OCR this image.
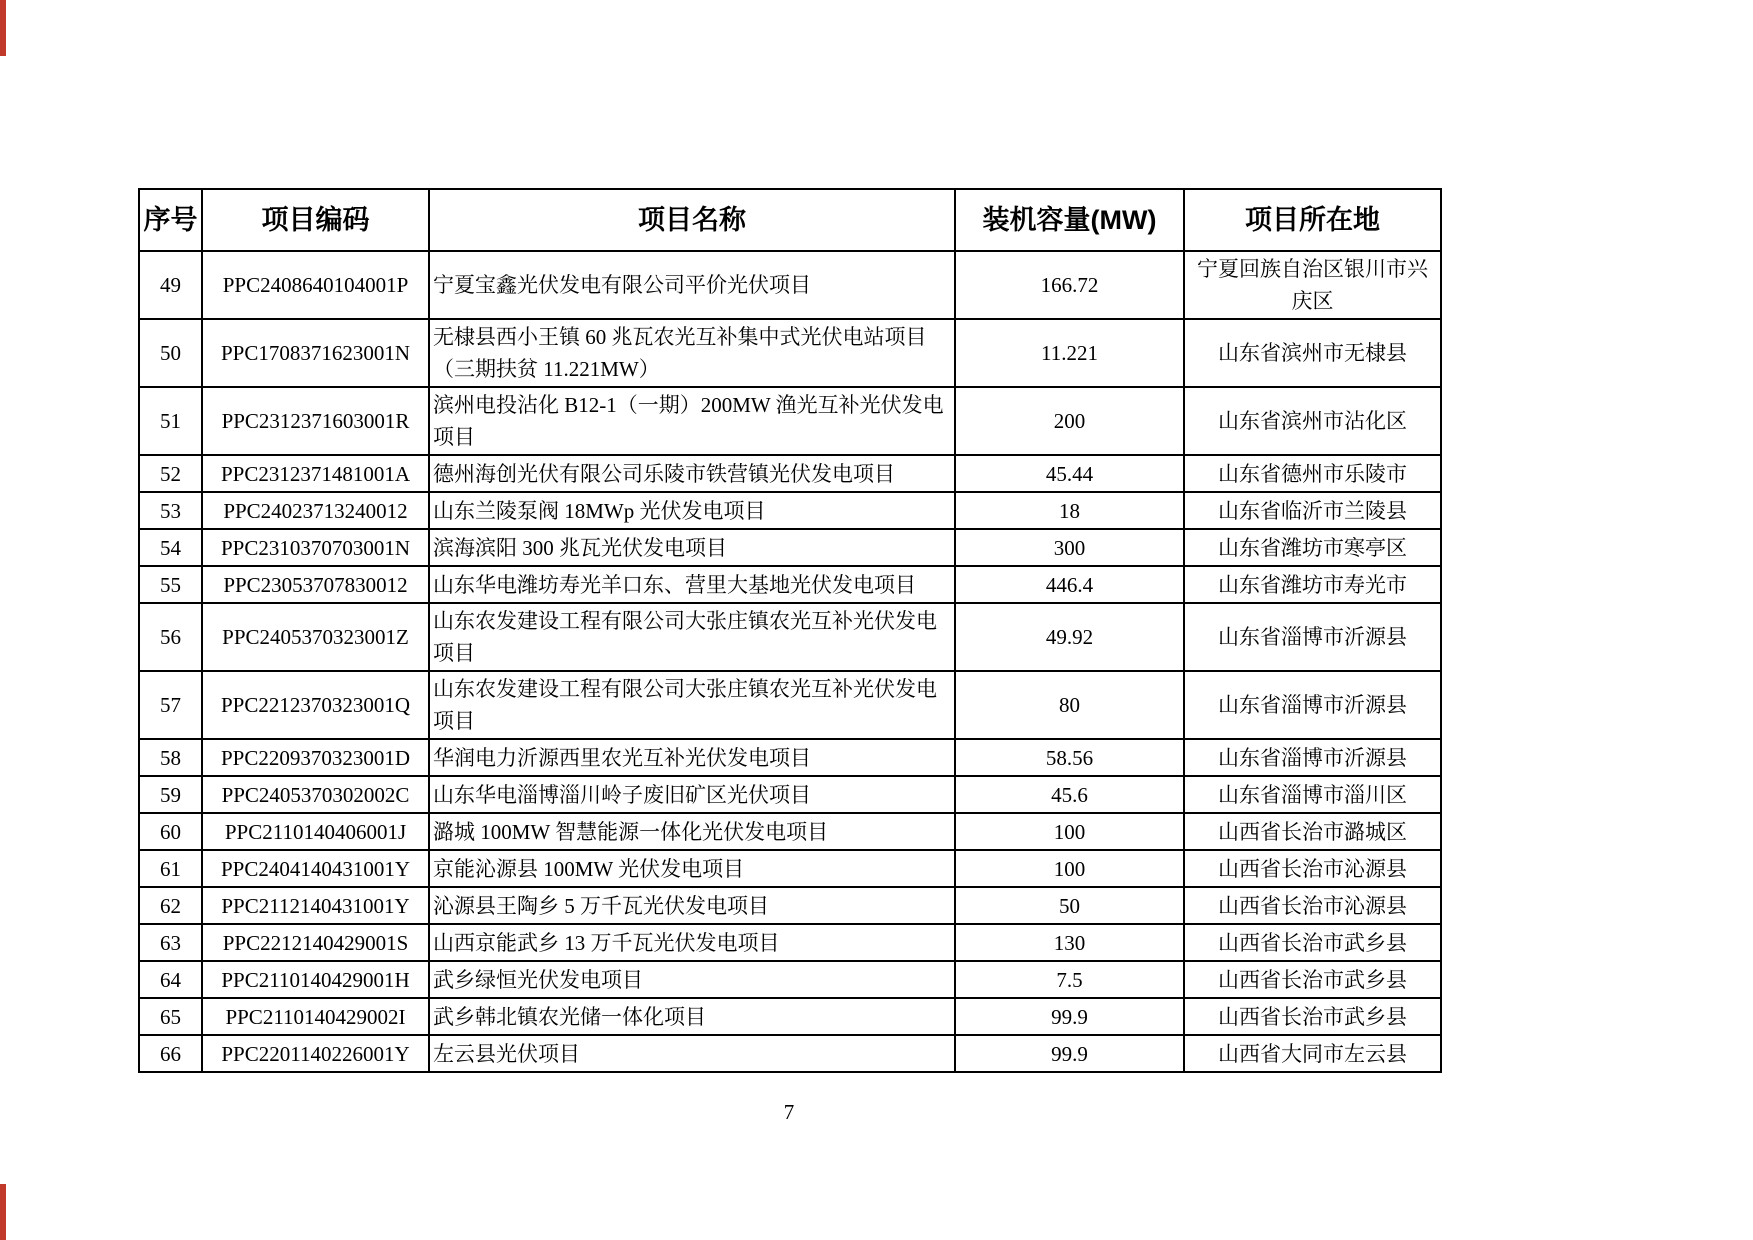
序号	项目编码	项目名称	装机容量(MW)	项目所在地
49	PPC2408640104001P	宁夏宝鑫光伏发电有限公司平价光伏项目	166.72	宁夏回族自治区银川市兴庆区
50	PPC1708371623001N	无棣县西小王镇 60 兆瓦农光互补集中式光伏电站项目（三期扶贫 11.221MW）	11.221	山东省滨州市无棣县
51	PPC2312371603001R	滨州电投沾化 B12-1（一期）200MW 渔光互补光伏发电项目	200	山东省滨州市沾化区
52	PPC2312371481001A	德州海创光伏有限公司乐陵市铁营镇光伏发电项目	45.44	山东省德州市乐陵市
53	PPC24023713240012	山东兰陵泵阀 18MWp 光伏发电项目	18	山东省临沂市兰陵县
54	PPC2310370703001N	滨海滨阳 300 兆瓦光伏发电项目	300	山东省潍坊市寒亭区
55	PPC23053707830012	山东华电潍坊寿光羊口东、营里大基地光伏发电项目	446.4	山东省潍坊市寿光市
56	PPC2405370323001Z	山东农发建设工程有限公司大张庄镇农光互补光伏发电项目	49.92	山东省淄博市沂源县
57	PPC2212370323001Q	山东农发建设工程有限公司大张庄镇农光互补光伏发电项目	80	山东省淄博市沂源县
58	PPC2209370323001D	华润电力沂源西里农光互补光伏发电项目	58.56	山东省淄博市沂源县
59	PPC2405370302002C	山东华电淄博淄川岭子废旧矿区光伏项目	45.6	山东省淄博市淄川区
60	PPC2110140406001J	潞城 100MW 智慧能源一体化光伏发电项目	100	山西省长治市潞城区
61	PPC2404140431001Y	京能沁源县 100MW 光伏发电项目	100	山西省长治市沁源县
62	PPC2112140431001Y	沁源县王陶乡 5 万千瓦光伏发电项目	50	山西省长治市沁源县
63	PPC2212140429001S	山西京能武乡 13 万千瓦光伏发电项目	130	山西省长治市武乡县
64	PPC2110140429001H	武乡绿恒光伏发电项目	7.5	山西省长治市武乡县
65	PPC2110140429002I	武乡韩北镇农光储一体化项目	99.9	山西省长治市武乡县
66	PPC2201140226001Y	左云县光伏项目	99.9	山西省大同市左云县
7
